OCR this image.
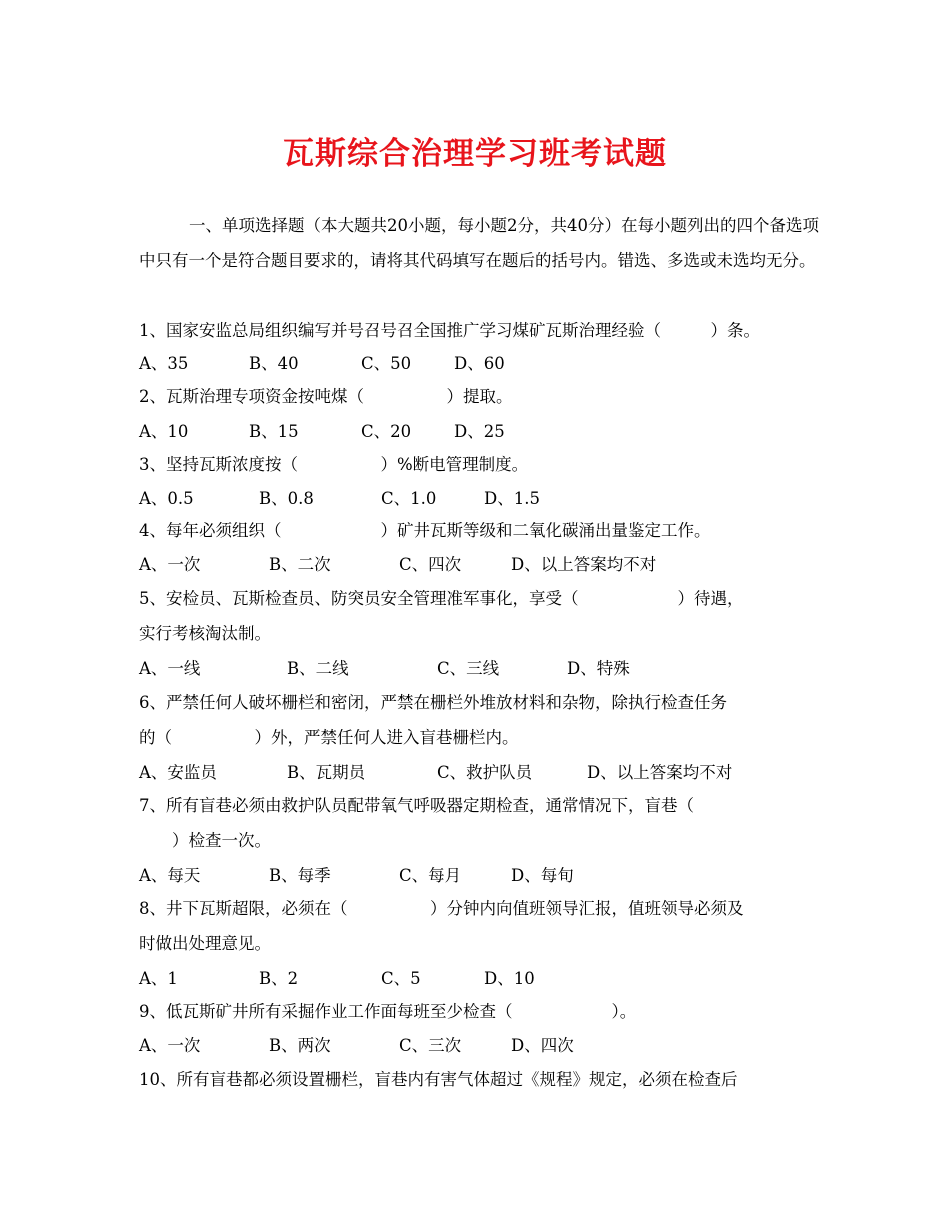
瓦斯综合治理学习班考试题
一、单项选择题（本大题共20小题，每小题2分，共40分）在每小题列出的四个备选项中只有一个是符合题目要求的，请将其代码填写在题后的括号内。错选、多选或未选均无分。
1、国家安监总局组织编写并号召号召全国推广学习煤矿瓦斯治理经验（　　　）条。
A、35	B、40	C、50	D、60
2、瓦斯治理专项资金按吨煤（　　　　　）提取。
A、10	B、15	C、20	D、25
3、坚持瓦斯浓度按（　　　　　）%断电管理制度。
A、0.5	B、0.8	C、1.0	D、1.5
4、每年必须组织（　　　　　　）矿井瓦斯等级和二氧化碳涌出量鉴定工作。
A、一次	B、二次	C、四次	D、以上答案均不对
5、安检员、瓦斯检查员、防突员安全管理准军事化，享受（　　　　　　）待遇，
实行考核淘汰制。
A、一线	B、二线	C、三线	D、特殊
6、严禁任何人破坏栅栏和密闭，严禁在栅栏外堆放材料和杂物，除执行检查任务
的（　　　　　）外，严禁任何人进入盲巷栅栏内。
A、安监员	B、瓦期员	C、救护队员	D、以上答案均不对
7、所有盲巷必须由救护队员配带氧气呼吸器定期检查，通常情况下，盲巷（
　　）检查一次。
A、每天	B、每季	C、每月	D、每旬
8、井下瓦斯超限，必须在（　　　　　）分钟内向值班领导汇报，值班领导必须及
时做出处理意见。
A、1	B、2	C、5	D、10
9、低瓦斯矿井所有采掘作业工作面每班至少检查（　　　　　　）。
A、一次	B、两次	C、三次	D、四次
10、所有盲巷都必须设置栅栏，盲巷内有害气体超过《规程》规定，必须在检查后
